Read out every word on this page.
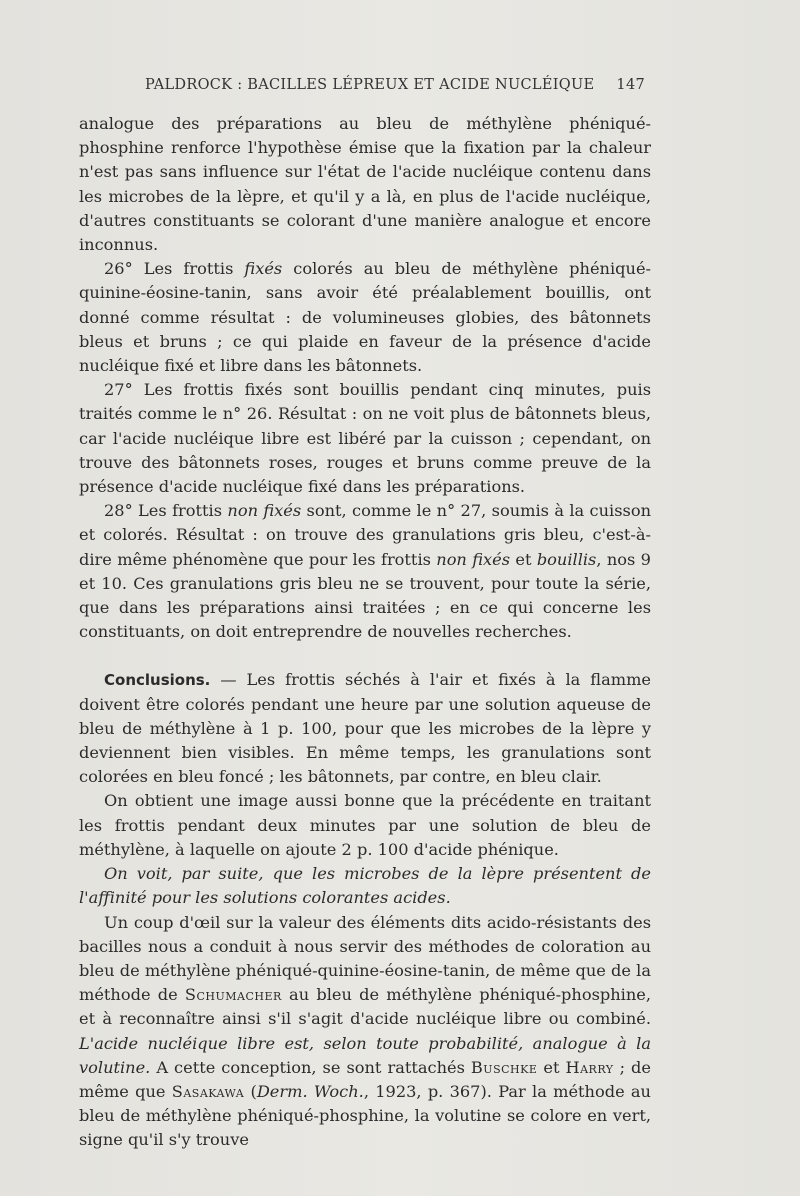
PALDROCK : BACILLES LÉPREUX ET ACIDE NUCLÉIQUE 147

analogue des préparations au bleu de méthylène phéniqué-phosphine renforce l'hypothèse émise que la fixation par la chaleur n'est pas sans influence sur l'état de l'acide nucléique contenu dans les microbes de la lèpre, et qu'il y a là, en plus de l'acide nucléique, d'autres constituants se colorant d'une manière analogue et encore inconnus.

26° Les frottis fixés colorés au bleu de méthylène phéniqué-quinine-éosine-tanin, sans avoir été préalablement bouillis, ont donné comme résultat : de volumineuses globies, des bâtonnets bleus et bruns ; ce qui plaide en faveur de la présence d'acide nucléique fixé et libre dans les bâtonnets.

27° Les frottis fixés sont bouillis pendant cinq minutes, puis traités comme le n° 26. Résultat : on ne voit plus de bâtonnets bleus, car l'acide nucléique libre est libéré par la cuisson ; cependant, on trouve des bâtonnets roses, rouges et bruns comme preuve de la présence d'acide nucléique fixé dans les préparations.

28° Les frottis non fixés sont, comme le n° 27, soumis à la cuisson et colorés. Résultat : on trouve des granulations gris bleu, c'est-à-dire même phénomène que pour les frottis non fixés et bouillis, nos 9 et 10. Ces granulations gris bleu ne se trouvent, pour toute la série, que dans les préparations ainsi traitées ; en ce qui concerne les constituants, on doit entreprendre de nouvelles recherches.

Conclusions. — Les frottis séchés à l'air et fixés à la flamme doivent être colorés pendant une heure par une solution aqueuse de bleu de méthylène à 1 p. 100, pour que les microbes de la lèpre y deviennent bien visibles. En même temps, les granulations sont colorées en bleu foncé ; les bâtonnets, par contre, en bleu clair.

On obtient une image aussi bonne que la précédente en traitant les frottis pendant deux minutes par une solution de bleu de méthylène, à laquelle on ajoute 2 p. 100 d'acide phénique.

On voit, par suite, que les microbes de la lèpre présentent de l'affinité pour les solutions colorantes acides.

Un coup d'œil sur la valeur des éléments dits acido-résistants des bacilles nous a conduit à nous servir des méthodes de coloration au bleu de méthylène phéniqué-quinine-éosine-tanin, de même que de la méthode de Schumacher au bleu de méthylène phéniqué-phosphine, et à reconnaître ainsi s'il s'agit d'acide nucléique libre ou combiné. L'acide nucléique libre est, selon toute probabilité, analogue à la volutine. A cette conception, se sont rattachés Buschke et Harry ; de même que Sasakawa (Derm. Woch., 1923, p. 367). Par la méthode au bleu de méthylène phéniqué-phosphine, la volutine se colore en vert, signe qu'il s'y trouve
